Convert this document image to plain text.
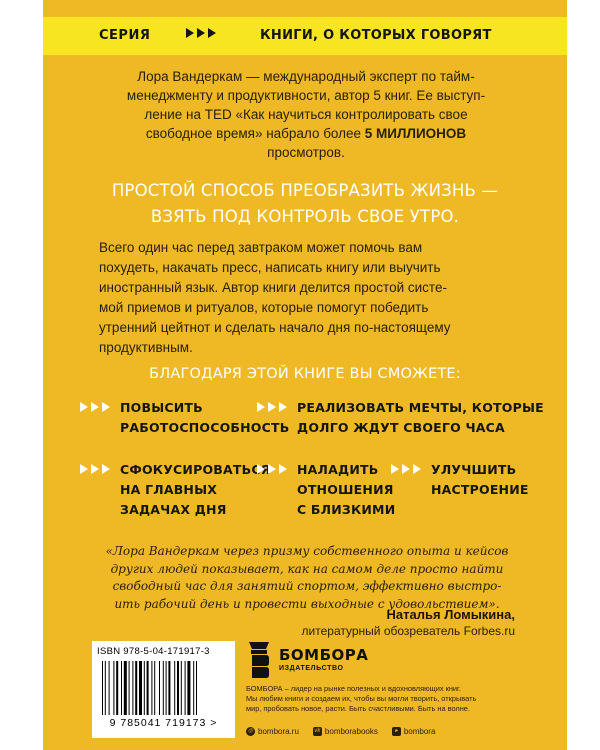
СЕРИЯ	КНИГИ, О КОТОРЫХ ГОВОРЯТ
Лора Вандеркам — международный эксперт по тайм-
менеджменту и продуктивности, автор 5 книг. Ее выступ-
ление на TED «Как научиться контролировать свое
свободное время» набрало более 5 МИЛЛИОНОВ
просмотров.
ПРОСТОЙ СПОСОБ ПРЕОБРАЗИТЬ ЖИЗНЬ —
ВЗЯТЬ ПОД КОНТРОЛЬ СВОЕ УТРО.
Всего один час перед завтраком может помочь вам
похудеть, накачать пресс, написать книгу или выучить
иностранный язык. Автор книги делится простой систе-
мой приемов и ритуалов, которые помогут победить
утренний цейтнот и сделать начало дня по-настоящему
продуктивным.
БЛАГОДАРЯ ЭТОЙ КНИГЕ ВЫ СМОЖЕТЕ:
ПОВЫСИТЬ
РАБОТОСПОСОБНОСТЬ
РЕАЛИЗОВАТЬ МЕЧТЫ, КОТОРЫЕ
ДОЛГО ЖДУТ СВОЕГО ЧАСА
СФОКУСИРОВАТЬСЯ
НА ГЛАВНЫХ
ЗАДАЧАХ ДНЯ
НАЛАДИТЬ
ОТНОШЕНИЯ
С БЛИЗКИМИ
УЛУЧШИТЬ
НАСТРОЕНИЕ
«Лора Вандеркам через призму собственного опыта и кейсов
других людей показывает, как на самом деле просто найти
свободный час для занятий спортом, эффективно выстро-
ить рабочий день и провести выходные с удовольствием».
Наталья Ломыкина,
литературный обозреватель Forbes.ru
ISBN 978-5-04-171917-3
9 785041 719173 >
БОМБОРА
ИЗДАТЕЛЬСТВО
БОМБОРА – лидер на рынке полезных и вдохновляющих книг.
Мы любим книги и создаем их, чтобы вы могли творить, открывать
мир, пробовать новое, расти. Быть счастливыми. Быть на волне.
◎ bombora.ru	vk bomborabooks	▸ bombora
